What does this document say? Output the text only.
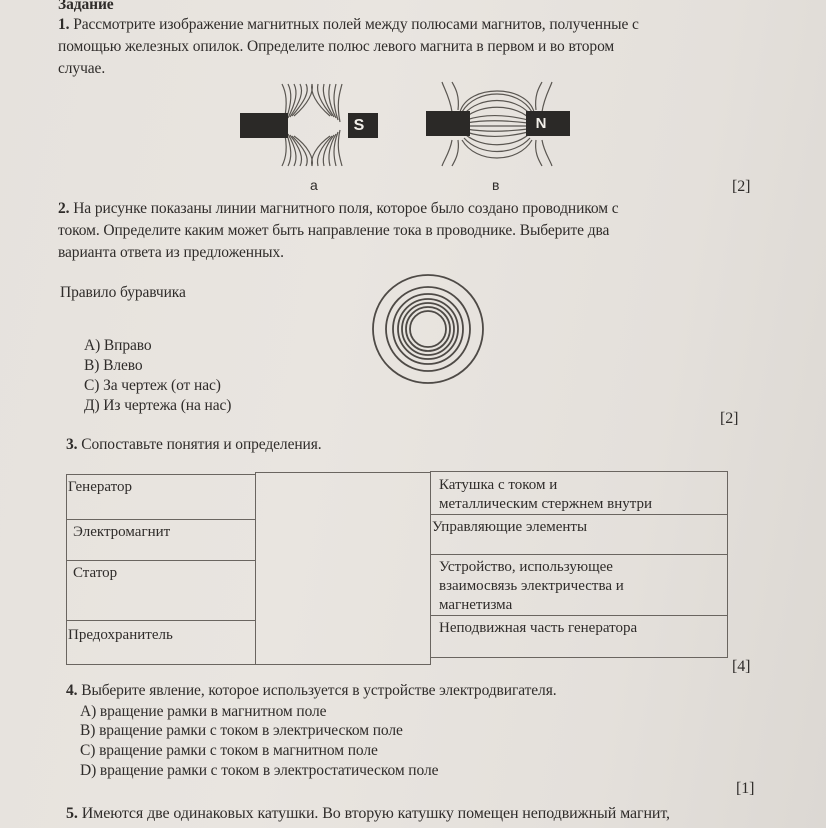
Задание
1. Рассмотрите изображение магнитных полей между полюсами магнитов, полученные с
помощью железных опилок. Определите полюс левого магнита в первом и во втором
случае.
S
а
N
в	[2]
2. На рисунке показаны линии магнитного поля, которое было создано проводником с
током. Определите каким может быть направление тока в проводнике. Выберите два
варианта ответа из предложенных.
Правило буравчика
А) Вправо
В) Влево
С) За чертеж (от нас)
Д) Из чертежа (на нас)
[2]
3. Сопоставьте понятия и определения.
Генератор
Электромагнит
Статор
Предохранитель
Катушка с током и
металлическим стержнем внутри
Управляющие элементы
Устройство, использующее
взаимосвязь электричества и
магнетизма
Неподвижная часть генератора
[4]
4. Выберите явление, которое используется в устройстве электродвигателя.
А) вращение рамки в магнитном поле
В) вращение рамки с током в электрическом поле
С) вращение рамки с током в магнитном поле
D) вращение рамки с током в электростатическом поле
[1]
5. Имеются две одинаковых катушки. Во вторую катушку помещен неподвижный магнит,
